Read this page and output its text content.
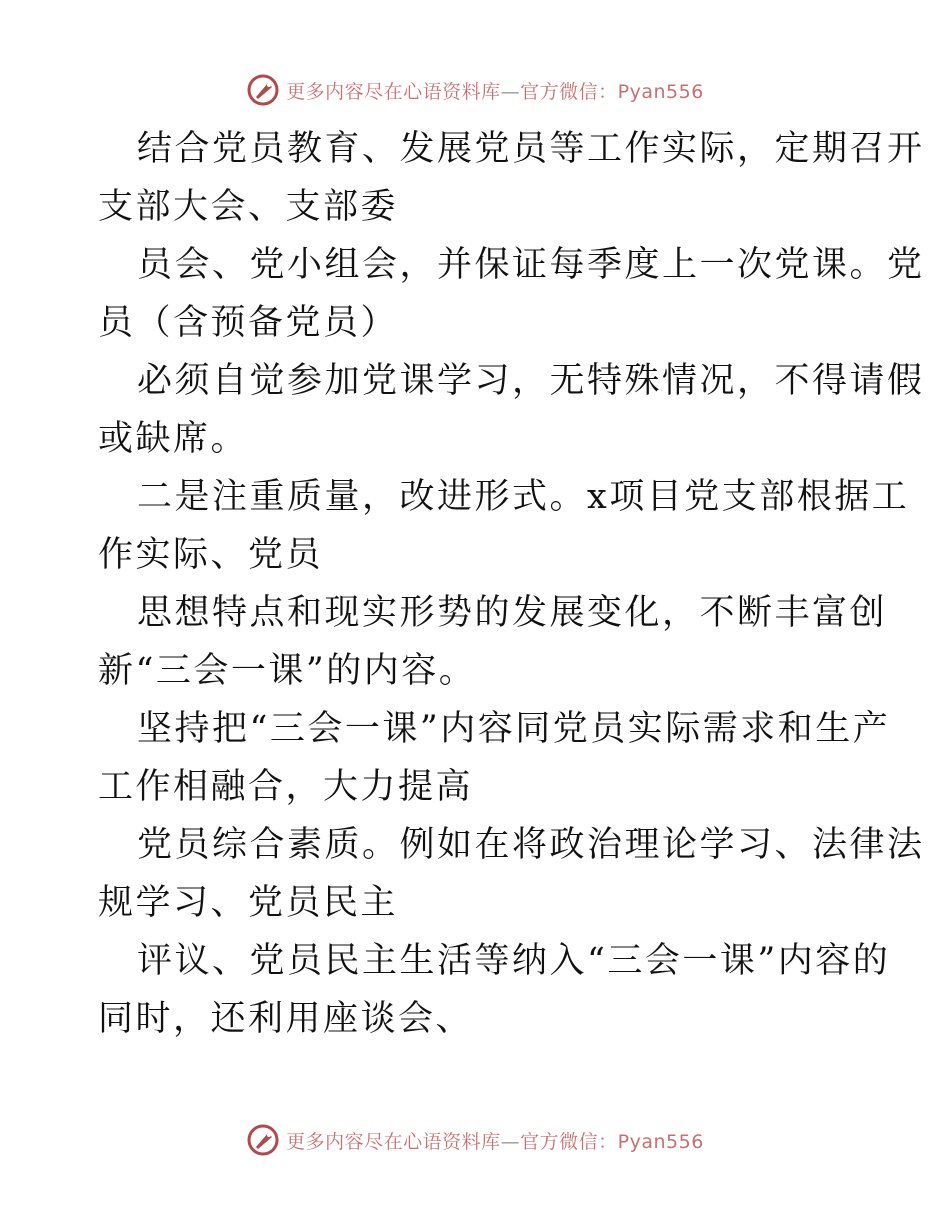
更多内容尽在心语资料库—官方微信：Pyan556
结合党员教育、发展党员等工作实际，定期召开
支部大会、支部委
员会、党小组会，并保证每季度上一次党课。党
员（含预备党员）
必须自觉参加党课学习，无特殊情况，不得请假
或缺席。
二是注重质量，改进形式。x项目党支部根据工
作实际、党员
思想特点和现实形势的发展变化，不断丰富创
新“三会一课”的内容。
坚持把“三会一课”内容同党员实际需求和生产
工作相融合，大力提高
党员综合素质。例如在将政治理论学习、法律法
规学习、党员民主
评议、党员民主生活等纳入“三会一课”内容的
同时，还利用座谈会、
更多内容尽在心语资料库—官方微信：Pyan556
